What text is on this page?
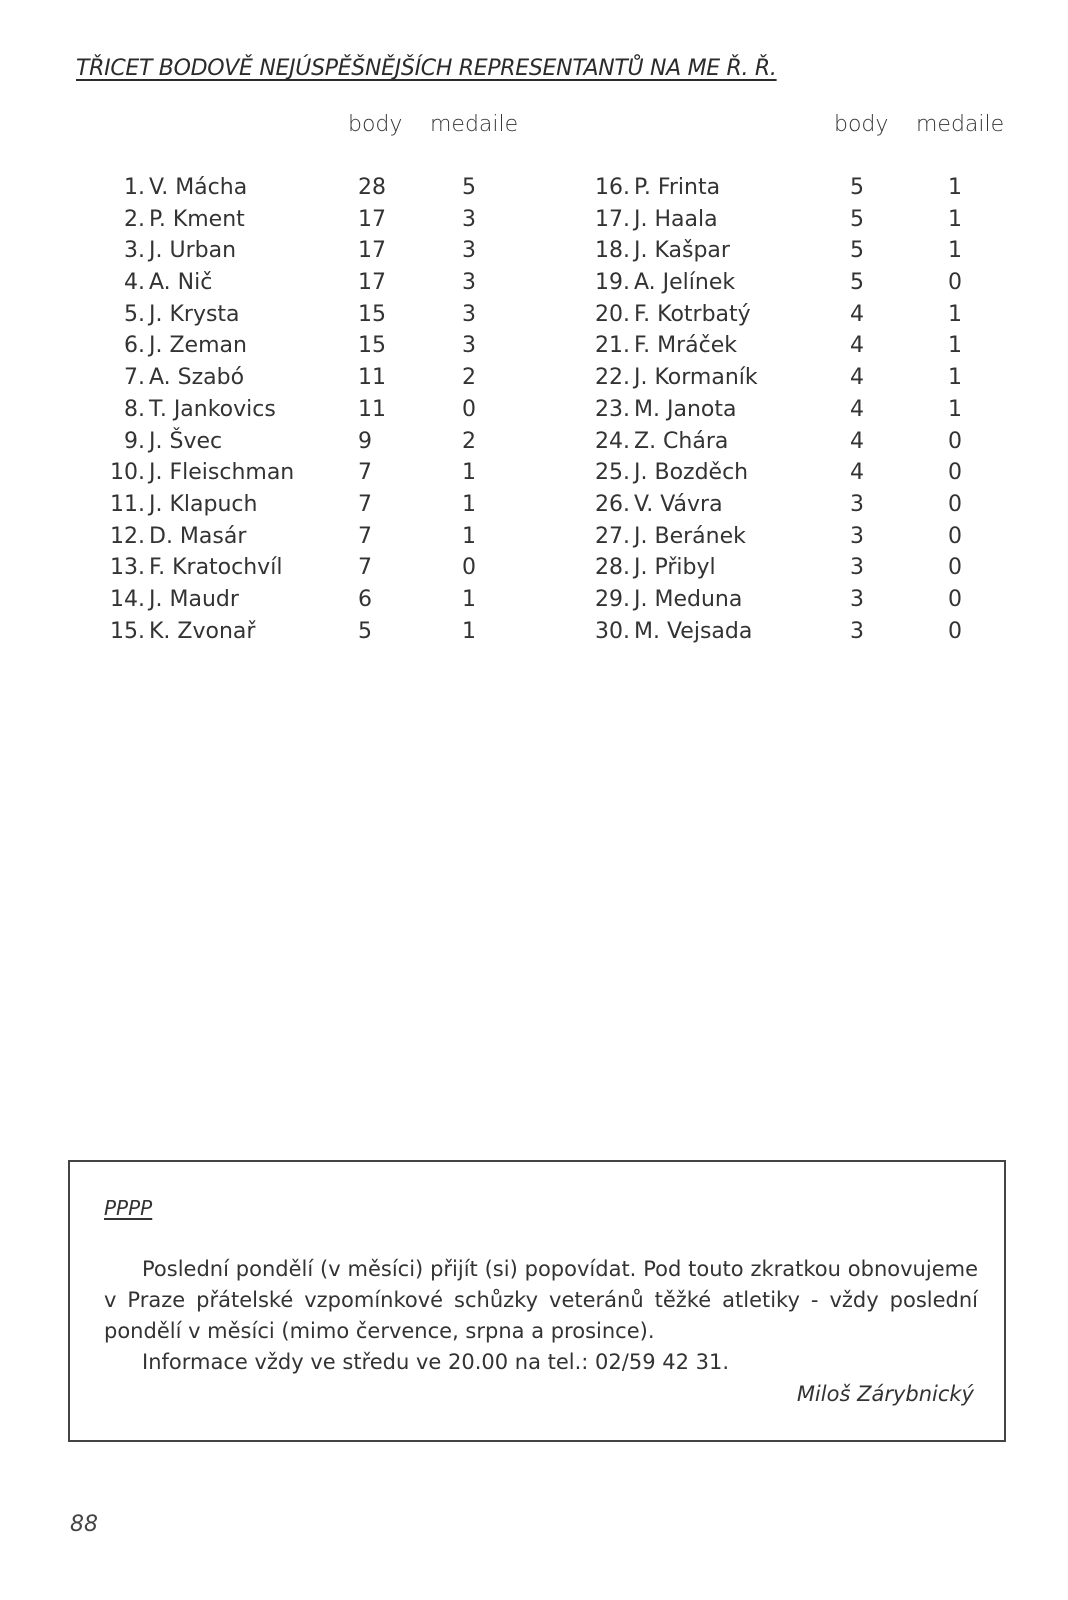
TŘICET BODOVĚ NEJÚSPĚŠNĚJŠÍCH REPRESENTANTŮ NA ME Ř. Ř.
body medaile	body medaile
1. V. Mácha	28	5
2. P. Kment	17	3
3. J. Urban	17	3
4. A. Nič	17	3
5. J. Krysta	15	3
6. J. Zeman	15	3
7. A. Szabó	11	2
8. T. Jankovics	11	0
9. J. Švec	9	2
10. J. Fleischman	7	1
11. J. Klapuch	7	1
12. D. Masár	7	1
13. F. Kratochvíl	7	0
14. J. Maudr	6	1
15. K. Zvonař	5	1
16. P. Frinta	5	1
17. J. Haala	5	1
18. J. Kašpar	5	1
19. A. Jelínek	5	0
20. F. Kotrbatý	4	1
21. F. Mráček	4	1
22. J. Kormaník	4	1
23. M. Janota	4	1
24. Z. Chára	4	0
25. J. Bozděch	4	0
26. V. Vávra	3	0
27. J. Beránek	3	0
28. J. Přibyl	3	0
29. J. Meduna	3	0
30. M. Vejsada	3	0
PPPP

Poslední pondělí (v měsíci) přijít (si) popovídat. Pod touto zkratkou obnovujeme v Praze přátelské vzpomínkové schůzky veteránů těžké atletiky - vždy poslední pondělí v měsíci (mimo července, srpna a prosince).

Informace vždy ve středu ve 20.00 na tel.: 02/59 42 31.

Miloš Zárybnický
88
